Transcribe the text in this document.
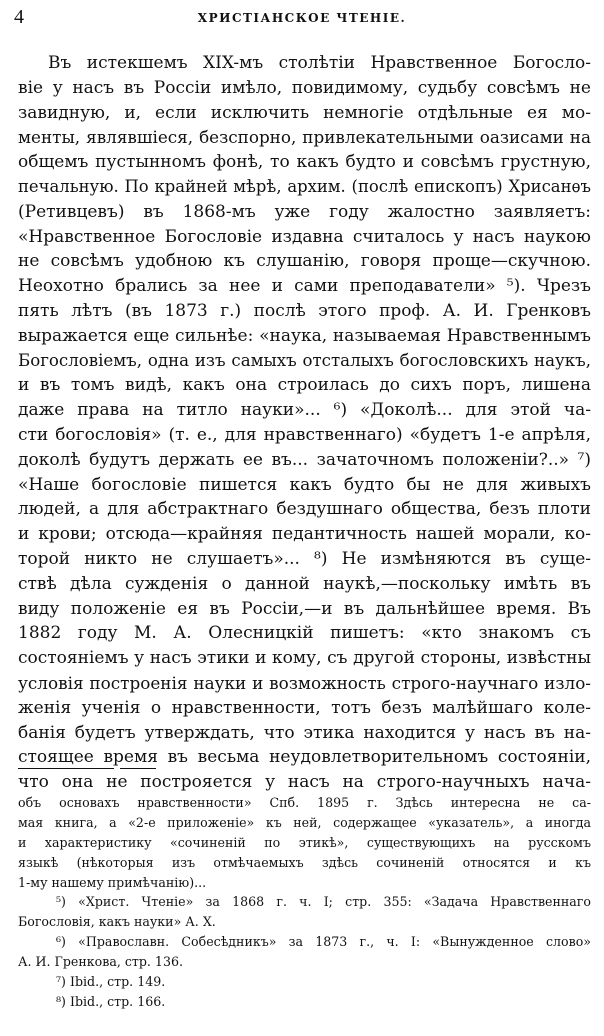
4	ХРИСТІАНСКОЕ ЧТЕНІЕ.
Въ истекшемъ XIX-мъ столѣтіи Нравственное Богосло-
віе у насъ въ Россіи имѣло, повидимому, судьбу совсѣмъ не
завидную, и, если исключить немногіе отдѣльные ея мо-
менты, являвшіеся, безспорно, привлекательными оазисами на
общемъ пустынномъ фонѣ, то какъ будто и совсѣмъ грустную,
печальную. По крайней мѣрѣ, архим. (послѣ епископъ) Хрисанѳъ
(Ретивцевъ) въ 1868-мъ уже году жалостно заявляетъ:
«Нравственное Богословіе издавна считалось у насъ наукою
не совсѣмъ удобною къ слушанію, говоря проще—скучною.
Неохотно брались за нее и сами преподаватели» ⁵). Чрезъ
пять лѣтъ (въ 1873 г.) послѣ этого проф. А. И. Гренковъ
выражается еще сильнѣе: «наука, называемая Нравственнымъ
Богословіемъ, одна изъ самыхъ отсталыхъ богословскихъ наукъ,
и въ томъ видѣ, какъ она строилась до сихъ поръ, лишена
даже права на титло науки»... ⁶) «Доколѣ... для этой ча-
сти богословія» (т. е., для нравственнаго) «будетъ 1-е апрѣля,
доколѣ будутъ держать ее въ... зачаточномъ положеніи?..» ⁷)
«Наше богословіе пишется какъ будто бы не для живыхъ
людей, а для абстрактнаго бездушнаго общества, безъ плоти
и крови; отсюда—крайняя педантичность нашей морали, ко-
торой никто не слушаетъ»... ⁸) Не измѣняются въ суще-
ствѣ дѣла сужденія о данной наукѣ,—поскольку имѣть въ
виду положеніе ея въ Россіи,—и въ дальнѣйшее время. Въ
1882 году М. А. Олесницкій пишетъ: «кто знакомъ съ
состояніемъ у насъ этики и кому, съ другой стороны, извѣстны
условія построенія науки и возможность строго-научнаго изло-
женія ученія о нравственности, тотъ безъ малѣйшаго коле-
банія будетъ утверждать, что этика находится у насъ въ на-
стоящее время въ весьма неудовлетворительномъ состояніи,
что она не построяется у насъ на строго-научныхъ нача-
объ основахъ нравственности» Спб. 1895 г. Здѣсь интересна не са-
мая книга, а «2-е приложеніе» къ ней, содержащее «указатель», а иногда
и характеристику «сочиненій по этикѣ», существующихъ на русскомъ
языкѣ (нѣкоторыя изъ отмѣчаемыхъ здѣсь сочиненій относятся и къ
1-му нашему примѣчанію)...
⁵) «Христ. Чтеніе» за 1868 г. ч. I; стр. 355: «Задача Нравственнаго
Богословія, какъ науки» А. Х.
⁶) «Православн. Собесѣдникъ» за 1873 г., ч. I: «Вынужденное слово»
А. И. Гренкова, стр. 136.
⁷) Ibid., стр. 149.
⁸) Ibid., стр. 166.
